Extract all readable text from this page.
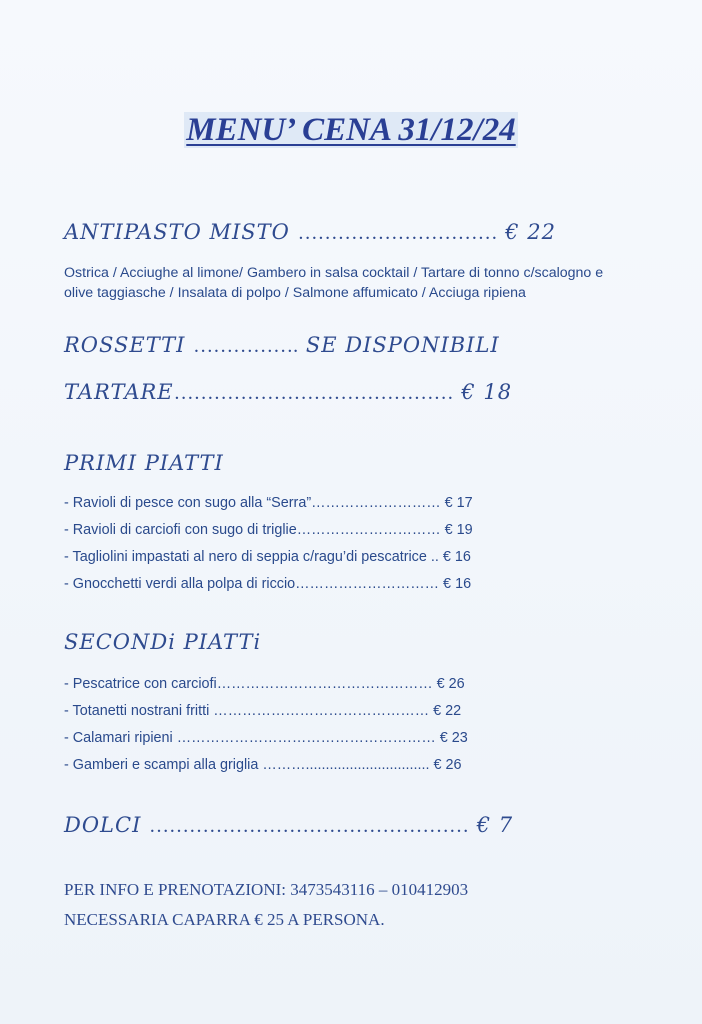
MENU’ CENA 31/12/24
ANTIPASTO MISTO ………………………… € 22
Ostrica / Acciughe al limone/ Gambero in salsa cocktail / Tartare di tonno c/scalogno e olive taggiasche / Insalata di polpo / Salmone affumicato / Acciuga ripiena
ROSSETTI ……………. SE DISPONIBILI
TARTARE…………………………………… € 18
PRIMI PIATTI
- Ravioli di pesce con sugo alla “Serra”……………………… € 17
- Ravioli di carciofi con sugo di triglie………………………… € 19
- Tagliolini impastati al nero di seppia c/ragu’di pescatrice .. € 16
- Gnocchetti verdi alla polpa di riccio………………………… € 16
SECONDi PIATTi
- Pescatrice con carciofi……………………………………… € 26
- Totanetti nostrani fritti ……………………………………… € 22
- Calamari ripieni ……………………………………………… € 23
- Gamberi e scampi alla griglia ………............................... € 26
DOLCI ………………………………………… € 7
PER INFO E PRENOTAZIONI: 3473543116 – 010412903
NECESSARIA CAPARRA € 25 A PERSONA.
